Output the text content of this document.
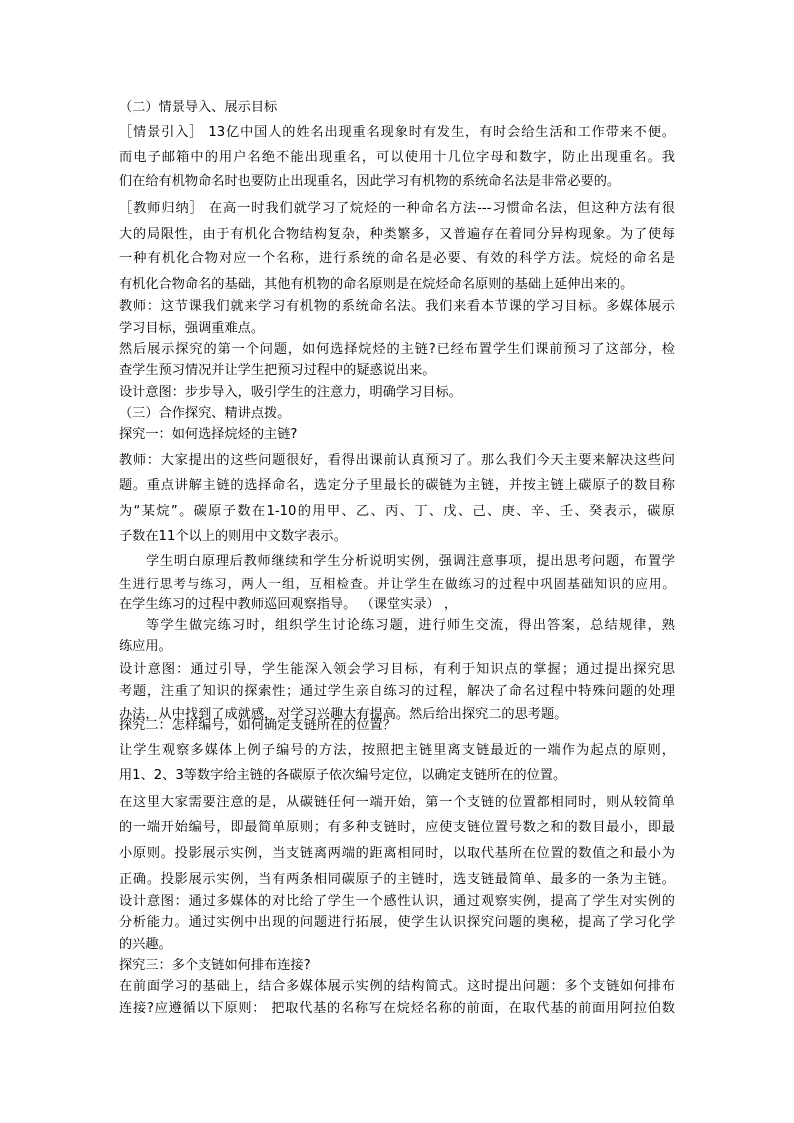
（二）情景导入、展示目标
［情景引入］ 13亿中国人的姓名出现重名现象时有发生，有时会给生活和工作带来不便。
而电子邮箱中的用户名绝不能出现重名，可以使用十几位字母和数字，防止出现重名。我
们在给有机物命名时也要防止出现重名，因此学习有机物的系统命名法是非常必要的。
［教师归纳］ 在高一时我们就学习了烷烃的一种命名方法---习惯命名法，但这种方法有很
大的局限性，由于有机化合物结构复杂，种类繁多，又普遍存在着同分异构现象。为了使每
一种有机化合物对应一个名称，进行系统的命名是必要、有效的科学方法。烷烃的命名是
有机化合物命名的基础，其他有机物的命名原则是在烷烃命名原则的基础上延伸出来的。
教师：这节课我们就来学习有机物的系统命名法。我们来看本节课的学习目标。多媒体展示
学习目标，强调重难点。
然后展示探究的第一个问题，如何选择烷烃的主链?已经布置学生们课前预习了这部分，检
查学生预习情况并让学生把预习过程中的疑惑说出来。
设计意图：步步导入，吸引学生的注意力，明确学习目标。
（三）合作探究、精讲点拨。
探究一：如何选择烷烃的主链?
教师：大家提出的这些问题很好，看得出课前认真预习了。那么我们今天主要来解决这些问
题。重点讲解主链的选择命名，选定分子里最长的碳链为主链，并按主链上碳原子的数目称
为“某烷”。碳原子数在1-10的用甲、乙、丙、丁、戊、己、庚、辛、壬、癸表示，碳原
子数在11个以上的则用中文数字表示。
学生明白原理后教师继续和学生分析说明实例，强调注意事项，提出思考问题，布置学
生进行思考与练习，两人一组，互相检查。并让学生在做练习的过程中巩固基础知识的应用。
在学生练习的过程中教师巡回观察指导。 （课堂实录） ，
等学生做完练习时，组织学生讨论练习题，进行师生交流，得出答案，总结规律，熟
练应用。
设计意图：通过引导，学生能深入领会学习目标，有利于知识点的掌握；通过提出探究思
考题，注重了知识的探索性；通过学生亲自练习的过程，解决了命名过程中特殊问题的处理
办法，从中找到了成就感，对学习兴趣大有提高。然后给出探究二的思考题。
探究二：怎样编号，如何确定支链所在的位置？
让学生观察多媒体上例子编号的方法，按照把主链里离支链最近的一端作为起点的原则，
用1、2、3等数字给主链的各碳原子依次编号定位，以确定支链所在的位置。
在这里大家需要注意的是，从碳链任何一端开始，第一个支链的位置都相同时，则从较简单
的一端开始编号，即最简单原则；有多种支链时，应使支链位置号数之和的数目最小，即最
小原则。投影展示实例，当支链离两端的距离相同时，以取代基所在位置的数值之和最小为
正确。投影展示实例，当有两条相同碳原子的主链时，选支链最简单、最多的一条为主链。
设计意图：通过多媒体的对比给了学生一个感性认识，通过观察实例，提高了学生对实例的
分析能力。通过实例中出现的问题进行拓展，使学生认识探究问题的奥秘，提高了学习化学
的兴趣。
探究三：多个支链如何排布连接?
在前面学习的基础上，结合多媒体展示实例的结构简式。这时提出问题：多个支链如何排布
连接?应遵循以下原则： 把取代基的名称写在烷烃名称的前面，在取代基的前面用阿拉伯数
